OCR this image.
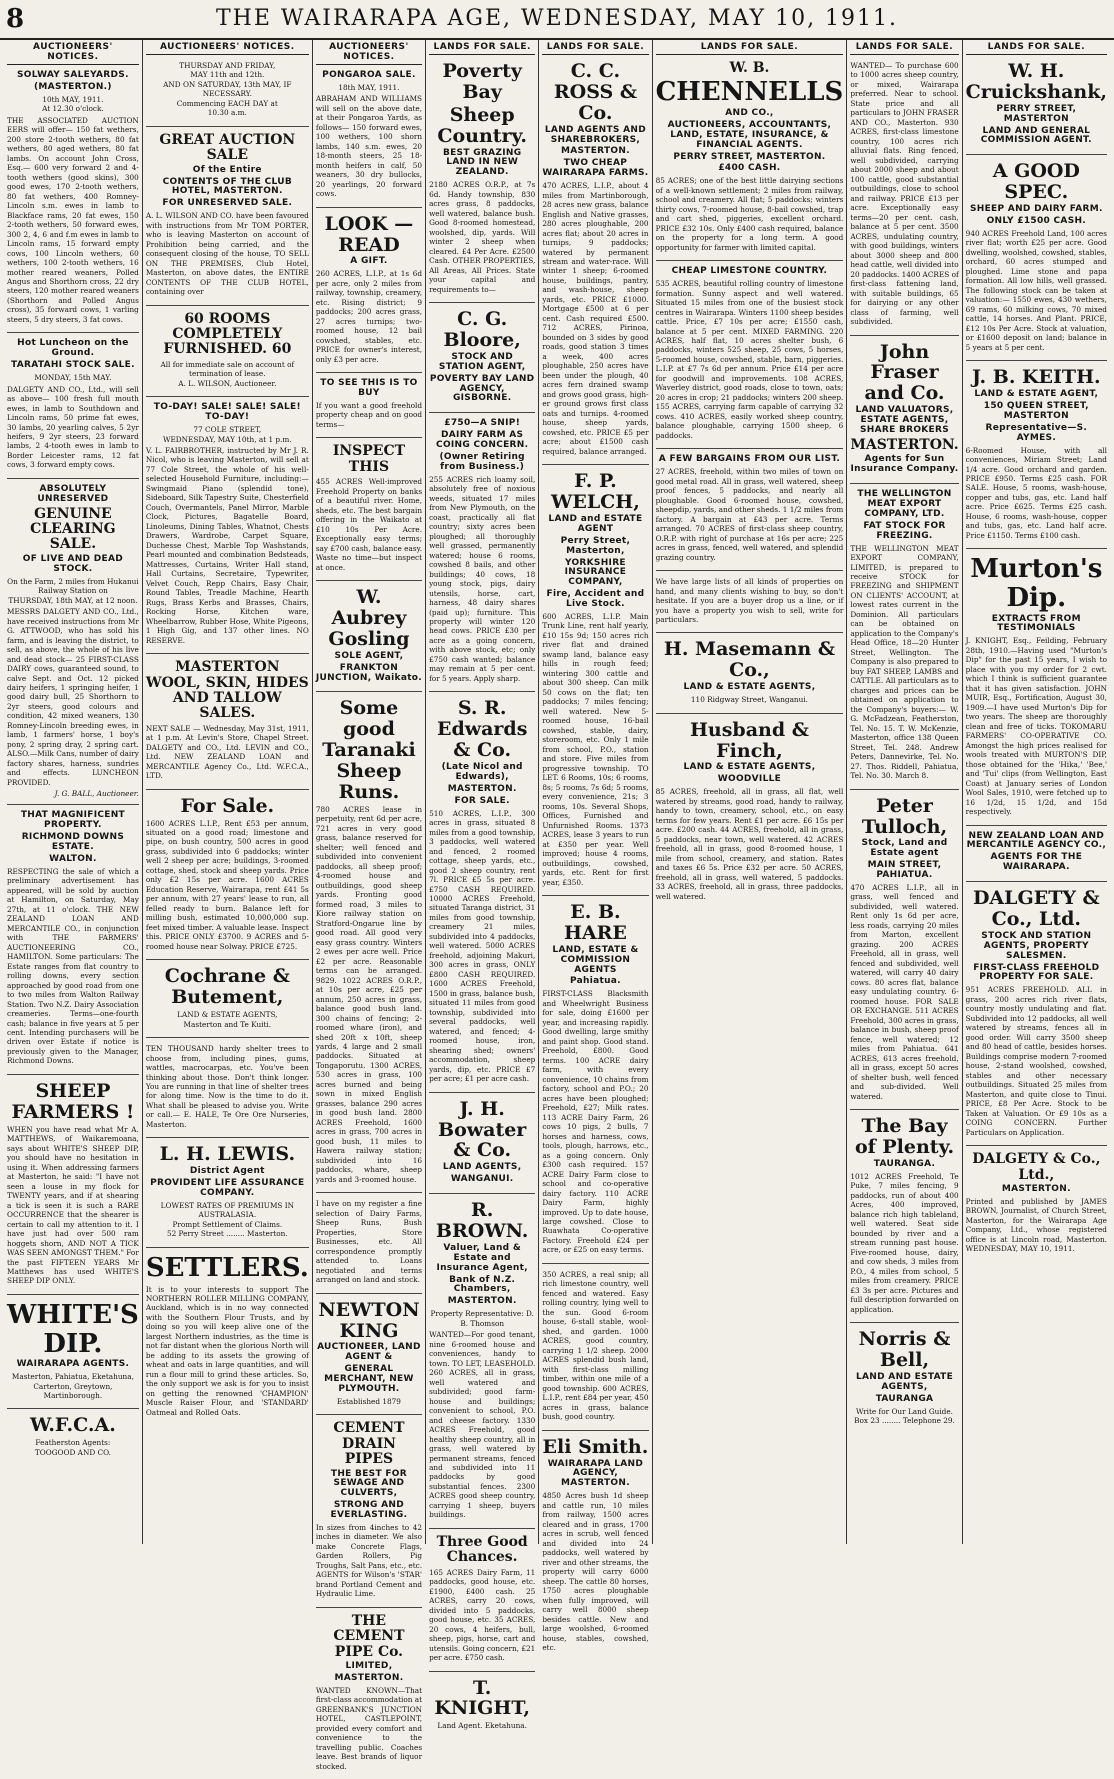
8	THE WAIRARAPA AGE, WEDNESDAY, MAY 10, 1911.
AUCTIONEERS' NOTICES.
SOLWAY SALEYARDS.
(MASTERTON.)
10th MAY, 1911.
At 12.30 o'clock.
THE ASSOCIATED AUCTION EERS will offer— 150 fat wethers, 200 store 2-tooth wethers, 80 fat wethers, 80 aged wethers, 80 fat lambs. On account John Cross, Esq.— 600 very forward 2 and 4-tooth wethers (good skins), 300 good ewes, 170 2-tooth wethers, 80 fat wethers, 400 Romney-Lincoln s.m. ewes in lamb to Blackface rams, 20 fat ewes, 150 2-tooth wethers, 50 forward ewes, 300 2, 4, 6 and f.m ewes in lamb to Lincoln rams, 15 forward empty cows, 100 Lincoln wethers, 60 wethers, 100 2-tooth wethers, 16 mother reared weaners, Polled Angus and Shorthorn cross, 22 dry steers, 120 mother reared weaners (Shorthorn and Polled Angus cross), 35 forward cows, 1 varling steers, 5 dry steers, 3 fat cows.
Hot Luncheon on the Ground.
TARATAHI STOCK SALE.
MONDAY, 15th MAY.
DALGETY AND CO., Ltd., will sell as above— 100 fresh full mouth ewes, in lamb to Southdown and Lincoln rams, 50 prime fat ewes, 30 lambs, 20 yearling calves, 5 2yr heifers, 9 2yr steers, 23 forward lambs, 2 4-tooth ewes in lamb to Border Leicester rams, 12 fat cows, 3 forward empty cows.
ABSOLUTELY UNRESERVED
GENUINE CLEARING SALE.
OF LIVE AND DEAD STOCK.
On the Farm, 2 miles from Hukanui Railway Station on
THURSDAY, 18th MAY, at 12 noon.
MESSRS DALGETY AND CO., Ltd., have received instructions from Mr G. ATTWOOD, who has sold his farm, and is leaving the district, to sell, as above, the whole of his live and dead stock— 25 FIRST-CLASS DAIRY cows, guaranteed sound, to calve Sept. and Oct. 12 picked dairy heifers, 1 springing heifer, 1 good dairy bull, 25 Shorthorn to 2yr steers, good colours and condition, 42 mixed weaners, 130 Romney-Lincoln breeding ewes, in lamb, 1 farmers' horse, 1 boy's pony, 2 spring dray, 2 spring cart. ALSO.—Milk Cans, number of dairy factory shares, harness, sundries and effects. LUNCHEON PROVIDED.
J. G. BALL, Auctioneer.
THAT MAGNIFICENT PROPERTY.
RICHMOND DOWNS ESTATE.
WALTON.
RESPECTING the sale of which a preliminary advertisement has appeared, will be sold by auction at Hamilton, on Saturday, May 27th, at 11 o'clock. THE NEW ZEALAND LOAN AND MERCANTILE CO., in conjunction with THE FARMERS' AUCTIONEERING CO., HAMILTON. Some particulars: The Estate ranges from flat country to rolling downs, every section approached by good road from one to two miles from Walton Railway Station. Two N.Z. Dairy Association creameries. Terms—one-fourth cash; balance in five years at 5 per cent. Intending purchasers will be driven over Estate if notice is previously given to the Manager, Richmond Downs.
SHEEP FARMERS !
WHEN you have read what Mr A. MATTHEWS, of Waikaremoana, says about WHITE'S SHEEP DIP, you should have no hesitation in using it. When addressing farmers at Masterton, he said: "I have not seen a louse in my flock for TWENTY years, and if at shearing a tick is seen it is such a RARE OCCURRENCE that the shearer is certain to call my attention to it. I have just had over 500 ram hoggets shorn, AND NOT A TICK WAS SEEN AMONGST THEM." For the past FIFTEEN YEARS Mr Matthews has used WHITE'S SHEEP DIP ONLY.
WHITE'S DIP.
WAIRARAPA AGENTS.
Masterton, Pahiatua, Eketahuna, Carterton, Greytown, Martinborough.
W.F.C.A.
Featherston Agents:
TOOGOOD AND CO.
AUCTIONEERS' NOTICES.
THURSDAY AND FRIDAY,
MAY 11th and 12th.
AND ON SATURDAY, 13th MAY, IF NECESSARY.
Commencing EACH DAY at
10.30 a.m.
GREAT AUCTION SALE
Of the Entire
CONTENTS OF THE CLUB HOTEL, MASTERTON.
FOR UNRESERVED SALE.
A. L. WILSON AND CO. have been favoured with instructions from Mr TOM PORTER, who is leaving Masterton on account of Prohibition being carried, and the consequent closing of the house, TO SELL ON THE PREMISES, Club Hotel, Masterton, on above dates, the ENTIRE CONTENTS OF THE CLUB HOTEL, containing over
60 ROOMS COMPLETELY FURNISHED. 60
All for immediate sale on account of termination of lease.
A. L. WILSON, Auctioneer.
TO-DAY! SALE! SALE! SALE! TO-DAY!
77 COLE STREET,
WEDNESDAY, MAY 10th, at 1 p.m.
V. L. FAIRBROTHER, instructed by Mr J. R. Nicol, who is leaving Masterton, will sell at 77 Cole Street, the whole of his well-selected Household Furniture, including:— Swingmaid Piano (splendid tone), Sideboard, Silk Tapestry Suite, Chesterfield Couch, Overmantels, Panel Mirror, Marble Clock, Pictures, Bagatelle Board, Linoleums, Dining Tables, Whatnot, Chests Drawers, Wardrobe, Carpet Square, Duchesse Chest, Marble Top Washstands, Pearl mounted and combination Bedsteads, Mattresses, Curtains, Writer Hall stand, Hall Curtains, Secretaire, Typewriter, Velvet Couch, Repp Chairs, Easy Chair, Round Tables, Treadle Machine, Hearth Rugs, Brass Kerbs and Brasses, Chairs, Rocking Horse, Kitchen ware, Wheelbarrow, Rubber Hose, White Pigeons, 1 High Gig, and 137 other lines. NO RESERVE.
MASTERTON WOOL, SKIN, HIDES AND TALLOW SALES.
NEXT SALE — Wednesday, May 31st, 1911, at 1 p.m. At Levin's Store, Chapel Street. DALGETY and CO., Ltd. LEVIN and CO., Ltd. NEW ZEALAND LOAN and MERCANTILE Agency Co., Ltd. W.F.C.A., LTD.
For Sale.
1600 ACRES L.I.P., Rent £53 per annum, situated on a good road; limestone and pipe, on bush country, 500 acres in good grass, subdivided into 6 paddocks; winter well 2 sheep per acre; buildings, 3-roomed cottage, shed, stock and sheep yards. Price only £2 15s per acre. 1600 ACRES Education Reserve, Wairarapa, rent £41 5s per annum, with 27 years' lease to run, all felled ready to burn. Balance left for milling bush, estimated 10,000,000 sup. feet mixed timber. A valuable lease. Inspect this. PRICE ONLY £3700. 9 ACRES and 5-roomed house near Solway. PRICE £725.
Cochrane & Butement,
LAND & ESTATE AGENTS,
Masterton and Te Kuiti.
TEN THOUSAND hardy shelter trees to choose from, including pines, gums, wattles, macrocarpas, etc. You've been thinking about those. Don't think longer. You are running in that line of shelter trees for along time. Now is the time to do it. What shall be pleased to advise you. Write or call.— E. HALE, Te Ore Ore Nurseries, Masterton.
L. H. LEWIS.
District Agent
PROVIDENT LIFE ASSURANCE COMPANY.
LOWEST RATES OF PREMIUMS IN AUSTRALASIA.
Prompt Settlement of Claims.
52 Perry Street ........ Masterton.
SETTLERS.
It is to your interests to support The NORTHERN ROLLER MILLING COMPANY, Auckland, which is in no way connected with the Southern Flour Trusts, and by doing so you will keep alive one of the largest Northern industries, as the time is not far distant when the glorious North will be adding to its assets the growing of wheat and oats in large quantities, and will run a flour mill to grind these articles. So, the only support we ask is for you to insist on getting the renowned 'CHAMPION' Muscle Raiser Flour, and 'STANDARD' Oatmeal and Rolled Oats.
AUCTIONEERS' NOTICES.
PONGAROA SALE.
18th MAY, 1911.
ABRAHAM AND WILLIAMS will sell on the above date, at their Pongaroa Yards, as follows— 150 forward ewes, 100 wethers, 100 shorn lambs, 140 s.m. ewes, 20 18-month steers, 25 18-month heifers in calf, 50 weaners, 30 dry bullocks, 20 yearlings, 20 forward cows.
LOOK — READ
A GIFT.
260 ACRES, L.I.P., at 1s 6d per acre, only 2 miles from railway, township, creamery, etc. Rising district; 9 paddocks; 200 acres grass, 27 acres turnips; two-roomed house, 12 bail cowshed, stables, etc. PRICE for owner's interest, only £3 per acre.
TO SEE THIS IS TO BUY
If you want a good freehold property cheap and on good terms—
INSPECT THIS
455 ACRES Well-improved Freehold Property on banks of a beautiful river. Home, sheds, etc. The best bargain offering in the Waikato at £10 10s Per Acre. Exceptionally easy terms; say £700 cash, balance easy. Waste no time—but inspect at once.
W. Aubrey Gosling
SOLE AGENT,
FRANKTON JUNCTION, Waikato.
Some good Taranaki Sheep Runs.
780 ACRES lease in perpetuity, rent 6d per acre, 721 acres in very good grass, balance reserved for shelter; well fenced and subdivided into convenient paddocks, all sheep proof; 4-roomed house and outbuildings, good sheep yards. Fronting good formed road, 3 miles to Kiore railway station on Stratford-Ongarue line by good road. All good very easy grass country. Winters 2 ewes per acre well. Price £2 per acre. Reasonable terms can be arranged. 9829. 1022 ACRES O.R.P., at 10s per acre, £25 per annum, 250 acres in grass, balance good bush land. 300 chains of fencing; 2-roomed whare (iron), and shed 20ft x 10ft, sheep yards, 4 large and 2 small paddocks. Situated at Tongaporutu. 1300 ACRES, 530 acres in grass, 100 acres burned and being sown in mixed English grasses, balance 290 acres in good bush land. 2800 ACRES Freehold, 1600 acres in grass, 700 acres in good bush, 11 miles to Hawera railway station; subdivided into 16 paddocks, whare, sheep yards and 3-roomed house.
I have on my register a fine selection of Dairy Farms, Sheep Runs, Bush Properties, Store Businesses, etc. All correspondence promptly attended to. Loans negotiated and terms arranged on land and stock.
NEWTON KING
AUCTIONEER, LAND AGENT &
GENERAL MERCHANT, NEW PLYMOUTH.
Established 1879
CEMENT DRAIN PIPES
THE BEST FOR SEWAGE AND CULVERTS,
STRONG AND EVERLASTING.
In sizes from 4inches to 42 inches in diameter. We also make Concrete Flags, Garden Rollers, Pig Troughs, Salt Pans, etc., etc. AGENTS for Wilson's 'STAR' brand Portland Cement and Hydraulic Lime.
THE CEMENT PIPE Co.
LIMITED,
MASTERTON.
WANTED KNOWN—That first-class accommodation at GREENBANK'S JUNCTION HOTEL, CASTLEPOINT, provided every comfort and convenience to the travelling public. Coaches leave. Best brands of liquor stocked.
LANDS FOR SALE.
Poverty Bay
Sheep Country.
BEST GRAZING LAND IN NEW ZEALAND.
2180 ACRES O.R.P., at 7s 6d. Handy township, 830 acres grass, 8 paddocks, well watered, balance bush. Good 8-roomed homestead, woolshed, dip, yards. Will winter 2 sheep when cleared. £4 Per Acre. £2500 Cash. OTHER PROPERTIES, All Areas, All Prices. State your capital and requirements to—
C. G. Bloore,
STOCK AND STATION AGENT,
POVERTY BAY LAND AGENCY, GISBORNE.
£750—A SNIP!
DAIRY FARM AS COING CONCERN.
(Owner Retiring from Business.)
255 ACRES rich loamy soil, absolutely free of noxious weeds, situated 17 miles from New Plymouth, on the coast, practically all flat country; sixty acres been ploughed; all thoroughly well grassed, permanently watered; house 6 rooms, cowshed 8 bails, and other buildings; 40 cows, 18 young stock, pigs, dairy utensils, horse, cart, harness, 48 dairy shares (paid up); furniture. This property will winter 120 head cows. PRICE £30 per acre as a going concern, with above stock, etc; only £750 cash wanted; balance may remain at 5 per cent. for 5 years. Apply sharp.
S. R. Edwards & Co.
(Late Nicol and Edwards),
MASTERTON.
FOR SALE.
510 ACRES, L.I.P., 300 acres in grass, situated 8 miles from a good township, 3 paddocks, well watered and fenced, 2 roomed cottage, sheep yards, etc., good 2 sheep country, rent 7l. PRICE £5 5s per acre. £750 CASH REQUIRED. 10000 ACRES Freehold, situated Taranga district, 31 miles from good township, creamery 21 miles, subdivided into 4 paddocks, well watered. 5000 ACRES freehold, adjoining Makuri, 300 acres in grass, ONLY £800 CASH REQUIRED. 1600 ACRES Freehold, 1500 in grass, balance bush, situated 11 miles from good township, subdivided into several paddocks, well watered, and fenced; 4-roomed house, iron, shearing shed; owners' accommodation, sheep yards, dip, etc. PRICE £7 per acre; £1 per acre cash.
J. H. Bowater & Co.
LAND AGENTS,
WANGANUI.
R. BROWN.
Valuer, Land & Estate and Insurance Agent,
Bank of N.Z. Chambers,
MASTERTON.
Property Representative: D. B. Thomson
WANTED—For good tenant, nine 6-roomed house and conveniences, handy to town. TO LET, LEASEHOLD. 260 ACRES, all in grass, well watered and subdivided; good farm-house and buildings; convenient to school, P.O. and cheese factory. 1330 ACRES Freehold, good healthy sheep country, all in grass, well watered by permanent streams, fenced and subdivided into 11 paddocks by good substantial fences. 2300 ACRES good sheep country, carrying 1 sheep, buyers buildings.
Three Good Chances.
165 ACRES Dairy Farm, 11 paddocks, good house, etc. £1900, £400 cash. 25 ACRES, carry 20 cows, divided into 5 paddocks, good house, etc. 35 ACRES, 20 cows, 4 heifers, bull, sheep, pigs, horse, cart and utensils. Going concern, £21 per acre. £750 cash.
T. KNIGHT,
Land Agent. Eketahuna.
LANDS FOR SALE.
C. C. ROSS & Co.
LAND AGENTS AND SHAREBROKERS,
MASTERTON.
TWO CHEAP WAIRARAPA FARMS.
470 ACRES, L.I.P., about 4 miles from Martinborough, 28 acres new grass, balance English and Native grasses, 280 acres ploughable, 200 acres flat; about 20 acres in turnips, 9 paddocks; watered by permanent stream and water-race. Will winter 1 sheep; 6-roomed house, buildings, pantry, and wash-house, sheep yards, etc. PRICE £1000. Mortgage £500 at 6 per cent. Cash required £500. 712 ACRES, Pirinoa, bounded on 3 sides by good roads, good station 3 times a week, 400 acres ploughable, 250 acres have been under the plough, 40 acres fern drained swamp and grows good grass, high-er ground grows first class oats and turnips. 4-roomed house, sheep yards, cowshed, etc. PRICE £5 per acre; about £1500 cash required, balance arranged.
F. P. WELCH,
LAND and ESTATE AGENT
Perry Street, Masterton,
YORKSHIRE INSURANCE COMPANY,
Fire, Accident and Live Stock.
600 ACRES, L.I.P. Main Trunk Line, rent half yearly, £10 15s 9d; 150 acres rich river flat and drained swamp land, balance easy hills in rough feed; wintering 300 cattle and about 300 sheep. Can milk 50 cows on the flat; ten paddocks; 7 miles fencing; well watered. New 5-roomed house, 16-bail cowshed, stable, dairy, storeroom, etc. Only 1 mile from school, P.O., station and store. Five miles from progressive township. TO LET. 6 Rooms, 10s; 6 rooms, 8s; 5 rooms, 7s 6d; 5 rooms, every convenience, 21s; 3 rooms, 10s. Several Shops, Offices, Furnished and Unfurnished Rooms. 1373 ACRES, lease 3 years to run at £350 per year. Well improved; house 4 rooms, outbuildings, cowshed, yards, etc. Rent for first year, £350.
E. B. HARE
LAND, ESTATE & COMMISSION AGENTS
Pahiatua.
FIRST-CLASS Blacksmith and Wheelwright Business for sale, doing £1600 per year, and increasing rapidly. Good dwelling, large smithy and paint shop. Good stand. Freehold, £800. Good terms. 100 ACRE dairy farm, with every convenience, 10 chains from factory, school and P.O.; 20 acres have been ploughed; Freehold, £27; Milk rates. 113 ACRE Dairy Farm, 26 cows 10 pigs, 2 bulls, 7 horses and harness, cows, tools, plough, harrows, etc., as a going concern. Only £300 cash required. 157 ACRE Dairy Farm close to school and co-operative dairy factory. 110 ACRE Dairy Farm, highly improved. Up to date house, large cowshed. Close to Ruawhata Co-operative Factory. Freehold £24 per acre, or £25 on easy terms.
350 ACRES, a real snip; all rich limestone country, well fenced and watered. Easy rolling country, lying well to the sun. Good 6-room house, 6-stall stable, wool-shed, and garden. 1000 ACRES, good country, carrying 1 1/2 sheep. 2000 ACRES splendid bush land, with first-class milling timber, within one mile of a good township. 600 ACRES, L.I.P., rent £84 per year, 450 acres in grass, balance bush, good country.
Eli Smith.
WAIRARAPA LAND AGENCY, MASTERTON.
4850 Acres bush 1d sheep and cattle run, 10 miles from railway, 1500 acres cleared and in grass, 1700 acres in scrub, well fenced and divided into 24 paddocks, well watered by river and other streams, the property will carry 6000 sheep. The cattle 80 horses, 1750 acres ploughable when fully improved, will carry well 8000 sheep besides cattle. New and large woolshed, 6-roomed house, stables, cowshed, etc.
LANDS FOR SALE.
W. B.
CHENNELLS
AND CO.,
AUCTIONEERS, ACCOUNTANTS, LAND, ESTATE, INSURANCE, & FINANCIAL AGENTS.
PERRY STREET, MASTERTON.
£400 CASH.
85 ACRES; one of the best little dairying sections of a well-known settlement; 2 miles from railway, school and creamery. All flat; 5 paddocks; winters thirty cows, 7-roomed house, 8-bail cowshed, trap and cart shed, piggeries, excellent orchard. PRICE £32 10s. Only £400 cash required, balance on the property for a long term. A good opportunity for farmer with limited capital.
CHEAP LIMESTONE COUNTRY.
535 ACRES, beautiful rolling country of limestone formation. Sunny aspect and well watered. Situated 15 miles from one of the busiest stock centres in Wairarapa. Winters 1100 sheep besides cattle. Price, £7 10s per acre; £1550 cash, balance at 5 per cent. MIXED FARMING. 220 ACRES, half flat, 10 acres shelter bush, 6 paddocks, winters 525 sheep, 25 cows, 5 horses, 5-roomed house, cowshed, stable, barn, piggeries. L.I.P. at £7 7s 6d per annum. Price £14 per acre for goodwill and improvements. 108 ACRES, Waverley district, good roads, close to town, oats; 20 acres in crop; 21 paddocks; winters 200 sheep. 155 ACRES, carrying farm capable of carrying 32 cows. 410 ACRES, easily worked sheep country, balance ploughable, carrying 1500 sheep, 6 paddocks.
A FEW BARGAINS FROM OUR LIST.
27 ACRES, freehold, within two miles of town on good metal road. All in grass, well watered, sheep proof fences, 5 paddocks, and nearly all ploughable. Good 6-roomed house, cowshed, sheepdip, yards, and other sheds. 1 1/2 miles from factory. A bargain at £43 per acre. Terms arranged. 70 ACRES of first-class sheep country, O.R.P. with right of purchase at 16s per acre; 225 acres in grass, fenced, well watered, and splendid grazing country.
We have large lists of all kinds of properties on hand, and many clients wishing to buy, so don't hesitate. If you are a buyer drop us a line, or if you have a property you wish to sell, write for particulars.
H. Masemann & Co.,
LAND & ESTATE AGENTS,
110 Ridgway Street, Wanganui.
Husband & Finch,
LAND & ESTATE AGENTS,
WOODVILLE
85 ACRES, freehold, all in grass, all flat, well watered by streams, good road, handy to railway, handy to town, creamery, school, etc., on easy terms for few years. Rent £1 per acre. £6 15s per acre. £200 cash. 44 ACRES, freehold, all in grass, 5 paddocks, near town, well watered. 42 ACRES freehold, all in grass, good 8-roomed house, 1 mile from school, creamery, and station. Rates and taxes £6 5s. Price £32 per acre. 50 ACRES, freehold, all in grass, well watered, 5 paddocks. 33 ACRES, freehold, all in grass, three paddocks, well watered.
LANDS FOR SALE.
WANTED— To purchase 600 to 1000 acres sheep country, or mixed, Wairarapa preferred. Near to school. State price and all particulars to JOHN FRASER AND CO., Masterton. 930 ACRES, first-class limestone country, 100 acres rich alluvial flats. Ring fenced, well subdivided, carrying about 2000 sheep and about 100 cattle, good substantial outbuildings, close to school and railway. PRICE £13 per acre. Exceptionally easy terms—20 per cent. cash, balance at 5 per cent. 3500 ACRES, undulating country, with good buildings, winters about 3000 sheep and 800 head cattle, well divided into 20 paddocks. 1400 ACRES of first-class fattening land, with suitable buildings, 65 for dairying or any other class of farming, well subdivided.
John Fraser and Co.
LAND VALUATORS, ESTATE AGENTS, SHARE BROKERS
MASTERTON.
Agents for Sun Insurance Company.
THE WELLINGTON MEAT EXPORT COMPANY, LTD.
FAT STOCK FOR FREEZING.
THE WELLINGTON MEAT EXPORT COMPANY, LIMITED, is prepared to receive STOCK for FREEZING and SHIPMENT ON CLIENTS' ACCOUNT, at lowest rates current in the Dominion. All particulars can be obtained on application to the Company's Head Office, 18—20 Hunter Street, Wellington. The Company is also prepared to buy FAT SHEEP, LAMBS and CATTLE. All particulars as to charges and prices can be obtained on application to the Company's buyers:— W. G. McFadzean, Featherston, Tel. No. 15. T. W. McKenzie, Masterton, office 138 Queen Street, Tel. 248. Andrew Peters, Dannevirke, Tel. No. 27. Thos. Riddell, Pahiatua, Tel. No. 30. March 8.
Peter Tulloch,
Stock, Land and Estate agent
MAIN STREET, PAHIATUA.
470 ACRES L.I.P., all in grass, well fenced and subdivided, well watered. Rent only 1s 6d per acre, less roads, carrying 20 miles from Marton, excellent grazing. 200 ACRES Freehold, all in grass, well fenced and subdivided, well watered, will carry 40 dairy cows. 80 acres flat, balance easy undulating country. 6-roomed house. FOR SALE OR EXCHANGE. 511 ACRES Freehold, 300 acres in grass, balance in bush, sheep proof fence, well watered; 12 miles from Pahiatua. 641 ACRES, 613 acres freehold, all in grass, except 50 acres of shelter bush, well fenced and sub-divided. Well watered.
The Bay of Plenty.
TAURANGA.
1012 ACRES Freehold, Te Puke, 7 miles fencing, 9 paddocks, run of about 400 Acres, 400 improved, balance rich high tableland, well watered. Seat side bounded by river and a stream running past house. Five-roomed house, dairy, and cow sheds, 3 miles from P.O., 4 miles from school, 5 miles from creamery. PRICE £3 3s per acre. Pictures and full description forwarded on application.
Norris & Bell,
LAND AND ESTATE AGENTS,
TAURANGA
Write for Our Land Guide.
Box 23 ........ Telephone 29.
LANDS FOR SALE.
W. H. Cruickshank,
PERRY STREET, MASTERTON
LAND AND GENERAL COMMISSION AGENT.
A GOOD SPEC.
SHEEP AND DAIRY FARM.
ONLY £1500 CASH.
940 ACRES Freehold Land, 100 acres river flat; worth £25 per acre. Good dwelling, woolshed, cowshed, stables, orchard, 60 acres stumped and ploughed. Lime stone and papa formation. All low hills, well grassed. The following stock can be taken at valuation:— 1550 ewes, 430 wethers, 69 rams, 60 milking cows, 70 mixed cattle, 14 horses. And Plant. PRICE, £12 10s Per Acre. Stock at valuation, or £1600 deposit on land; balance in 5 years at 5 per cent.
J. B. KEITH.
LAND & ESTATE AGENT,
150 QUEEN STREET, MASTERTON
Representative—S. AYMES.
6-Roomed House, with all conveniences, Miriam Street; Land 1/4 acre. Good orchard and garden. PRICE £950. Terms £25 cash. FOR SALE. House, 5 rooms, wash-house, copper and tubs, gas, etc. Land half acre. Price £625. Terms £25 cash. House, 6 rooms, wash-house, copper and tubs, gas, etc. Land half acre. Price £1150. Terms £100 cash.
Murton's Dip.
EXTRACTS FROM TESTIMONIALS
J. KNIGHT, Esq., Feilding, February 28th, 1910.—Having used "Murton's Dip" for the past 15 years, I wish to place with you my order for 2 cwt. which I think is sufficient guarantee that it has given satisfaction. JOHN MUIR, Esq., Fortification, August 30, 1909.—I have used Murton's Dip for two years. The sheep are thoroughly clean and free of ticks. TOKOMARU FARMERS' CO-OPERATIVE CO. Amongst the high prices realised for wools treated with MURTON'S DIP, those obtained for the 'Hika,' 'Bee,' and 'Tui' clips (from Wellington, East Coast) at January series of London Wool Sales, 1910, were fetched up to 16 1/2d, 15 1/2d, and 15d respectively.
NEW ZEALAND LOAN AND MERCANTILE AGENCY CO.,
AGENTS FOR THE WAIRARAPA.
DALGETY & Co., Ltd.
STOCK AND STATION AGENTS, PROPERTY SALESMEN.
FIRST-CLASS FREEHOLD PROPERTY FOR SALE.
951 ACRES FREEHOLD. ALL in grass, 200 acres rich river flats, country mostly undulating and flat. Subdivided into 12 paddocks, all well watered by streams, fences all in good order. Will carry 3500 sheep and 80 head of cattle, besides horses. Buildings comprise modern 7-roomed house, 2-stand woolshed, cowshed, stables and other necessary outbuildings. Situated 25 miles from Masterton, and quite close to Tinui. PRICE, £8 Per Acre. Stock to be Taken at Valuation. Or £9 10s as a COING CONCERN. Further Particulars on Application.
DALGETY & Co., Ltd.,
MASTERTON.
Printed and published by JAMES BROWN, Journalist, of Church Street, Masterton, for the Wairarapa Age Company, Ltd., whose registered office is at Lincoln road, Masterton. WEDNESDAY, MAY 10, 1911.
